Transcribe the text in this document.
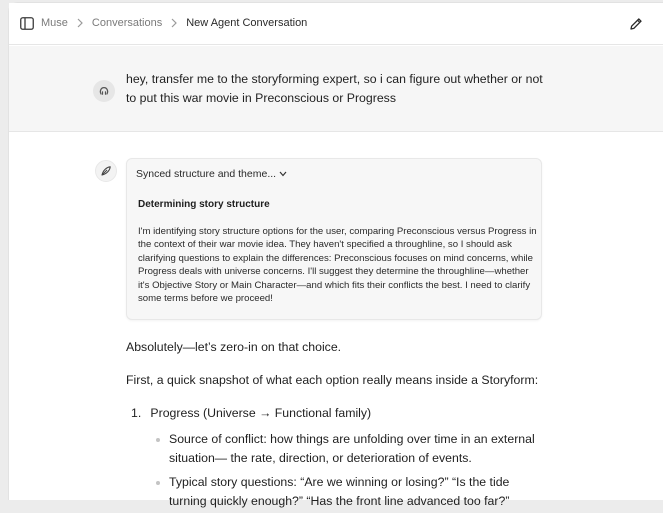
Muse Conversations New Agent Conversation
hey, transfer me to the storyforming expert, so i can figure out whether or not to put this war movie in Preconscious or Progress
Synced structure and theme...
Determining story structure
I'm identifying story structure options for the user, comparing Preconscious versus Progress in the context of their war movie idea. They haven't specified a throughline, so I should ask clarifying questions to explain the differences: Preconscious focuses on mind concerns, while Progress deals with universe concerns. I'll suggest they determine the throughline—whether it's Objective Story or Main Character—and which fits their conflicts the best. I need to clarify some terms before we proceed!

Absolutely—let’s zero-in on that choice.

First, a quick snapshot of what each option really means inside a Storyform:

1. Progress (Universe → Functional family)
Source of conflict: how things are unfolding over time in an external situation— the rate, direction, or deterioration of events.
Typical story questions: “Are we winning or losing?” “Is the tide turning quickly enough?” “Has the front line advanced too far?”
